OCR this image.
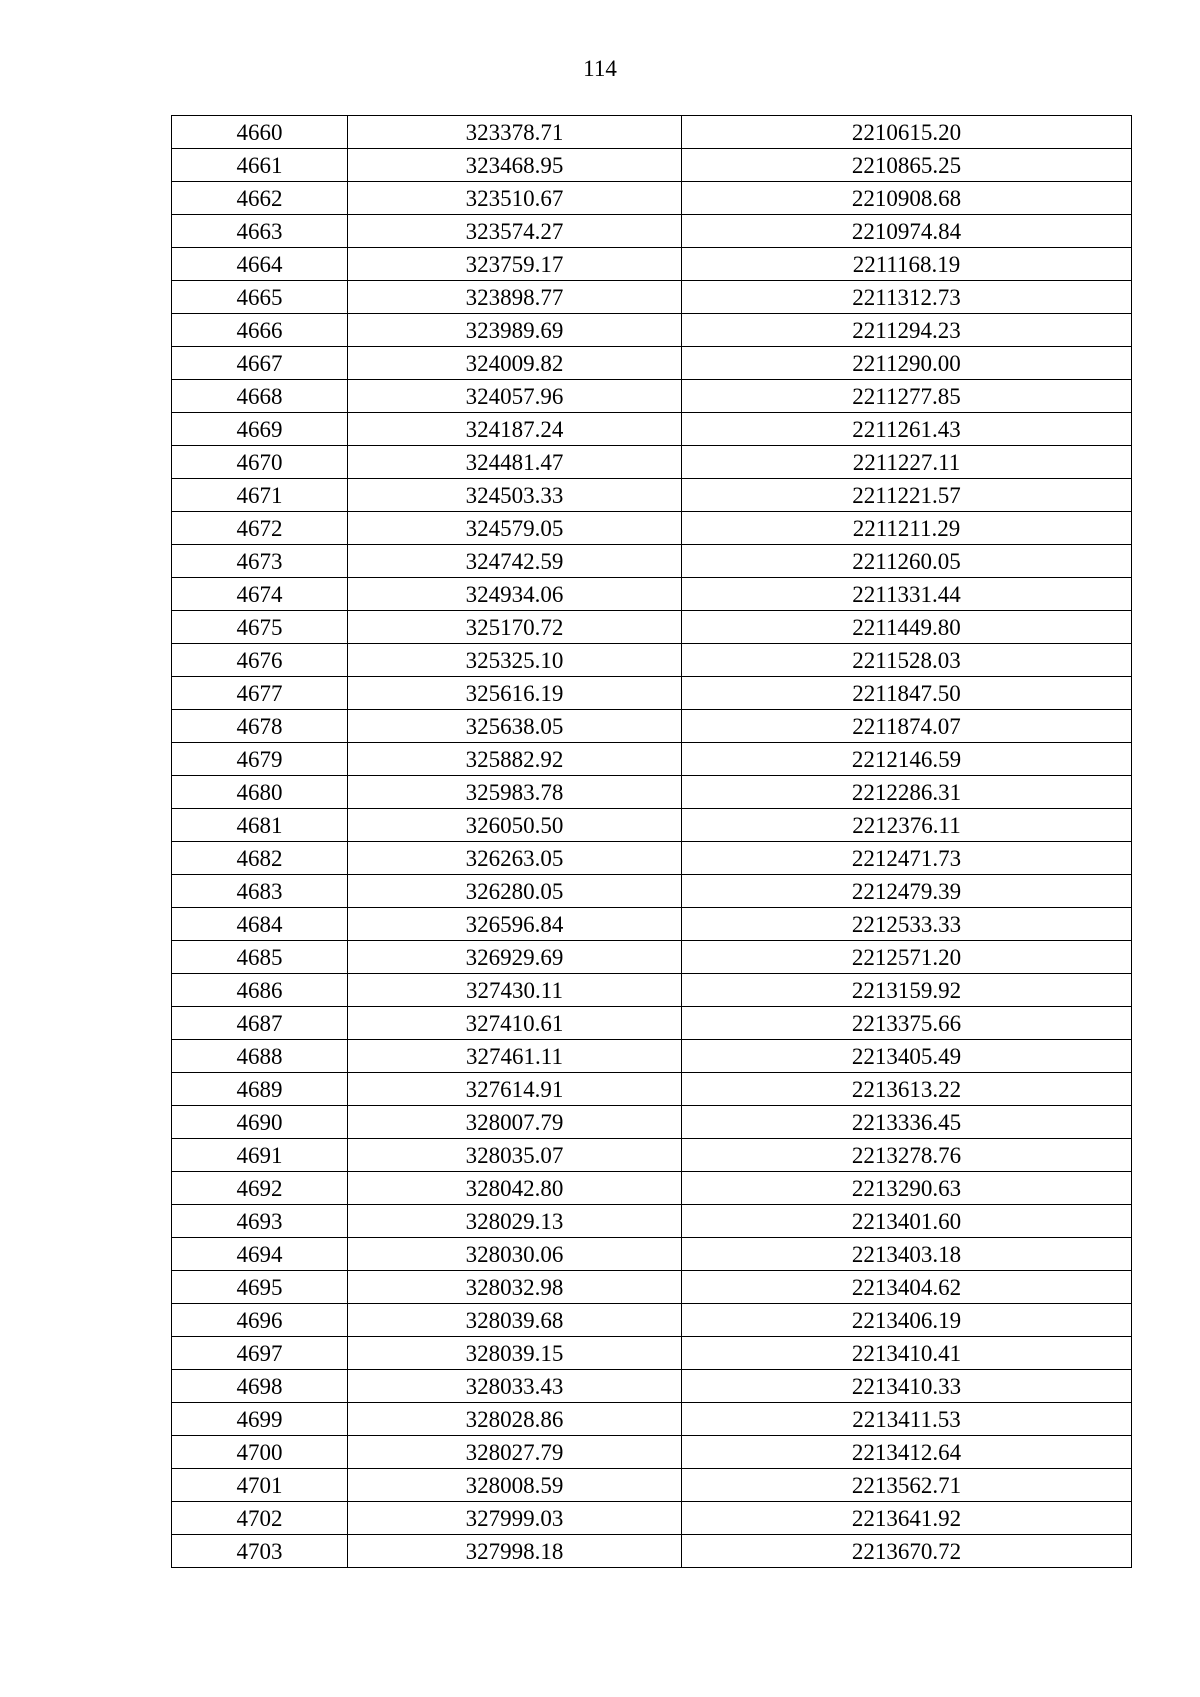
114
4660	323378.71	2210615.20
4661	323468.95	2210865.25
4662	323510.67	2210908.68
4663	323574.27	2210974.84
4664	323759.17	2211168.19
4665	323898.77	2211312.73
4666	323989.69	2211294.23
4667	324009.82	2211290.00
4668	324057.96	2211277.85
4669	324187.24	2211261.43
4670	324481.47	2211227.11
4671	324503.33	2211221.57
4672	324579.05	2211211.29
4673	324742.59	2211260.05
4674	324934.06	2211331.44
4675	325170.72	2211449.80
4676	325325.10	2211528.03
4677	325616.19	2211847.50
4678	325638.05	2211874.07
4679	325882.92	2212146.59
4680	325983.78	2212286.31
4681	326050.50	2212376.11
4682	326263.05	2212471.73
4683	326280.05	2212479.39
4684	326596.84	2212533.33
4685	326929.69	2212571.20
4686	327430.11	2213159.92
4687	327410.61	2213375.66
4688	327461.11	2213405.49
4689	327614.91	2213613.22
4690	328007.79	2213336.45
4691	328035.07	2213278.76
4692	328042.80	2213290.63
4693	328029.13	2213401.60
4694	328030.06	2213403.18
4695	328032.98	2213404.62
4696	328039.68	2213406.19
4697	328039.15	2213410.41
4698	328033.43	2213410.33
4699	328028.86	2213411.53
4700	328027.79	2213412.64
4701	328008.59	2213562.71
4702	327999.03	2213641.92
4703	327998.18	2213670.72
